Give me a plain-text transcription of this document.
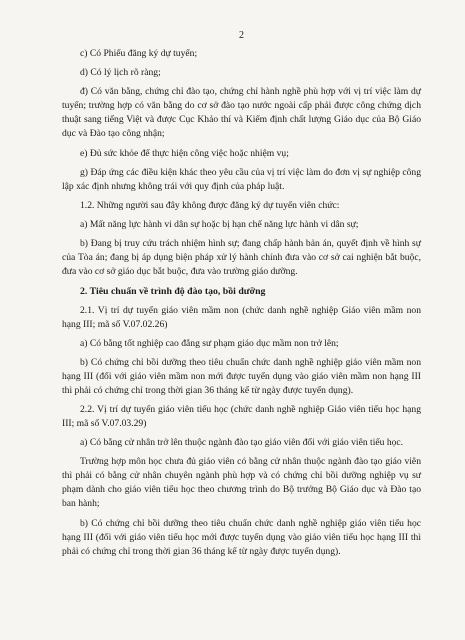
2

c) Có Phiếu đăng ký dự tuyển;

d) Có lý lịch rõ ràng;

đ) Có văn bằng, chứng chỉ đào tạo, chứng chỉ hành nghề phù hợp với vị trí việc làm dự tuyển; trường hợp có văn bằng do cơ sở đào tạo nước ngoài cấp phải được công chứng dịch thuật sang tiếng Việt và được Cục Khảo thí và Kiểm định chất lượng Giáo dục của Bộ Giáo dục và Đào tạo công nhận;

e) Đủ sức khỏe để thực hiện công việc hoặc nhiệm vụ;

g) Đáp ứng các điều kiện khác theo yêu cầu của vị trí việc làm do đơn vị sự nghiệp công lập xác định nhưng không trái với quy định của pháp luật.

1.2. Những người sau đây không được đăng ký dự tuyển viên chức:

a) Mất năng lực hành vi dân sự hoặc bị hạn chế năng lực hành vi dân sự;

b) Đang bị truy cứu trách nhiệm hình sự; đang chấp hành bản án, quyết định về hình sự của Tòa án; đang bị áp dụng biện pháp xử lý hành chính đưa vào cơ sở cai nghiện bắt buộc, đưa vào cơ sở giáo dục bắt buộc, đưa vào trường giáo dưỡng.

2. Tiêu chuẩn về trình độ đào tạo, bồi dưỡng

2.1. Vị trí dự tuyển giáo viên mầm non (chức danh nghề nghiệp Giáo viên mầm non hạng III; mã số V.07.02.26)

a) Có bằng tốt nghiệp cao đẳng sư phạm giáo dục mầm non trở lên;

b) Có chứng chỉ bồi dưỡng theo tiêu chuẩn chức danh nghề nghiệp giáo viên mầm non hạng III (đối với giáo viên mầm non mới được tuyển dụng vào giáo viên mầm non hạng III thì phải có chứng chỉ trong thời gian 36 tháng kể từ ngày được tuyển dụng).

2.2. Vị trí dự tuyển giáo viên tiểu học (chức danh nghề nghiệp Giáo viên tiểu học hạng III; mã số V.07.03.29)

a) Có bằng cử nhân trở lên thuộc ngành đào tạo giáo viên đối với giáo viên tiểu học.

Trường hợp môn học chưa đủ giáo viên có bằng cử nhân thuộc ngành đào tạo giáo viên thì phải có bằng cử nhân chuyên ngành phù hợp và có chứng chỉ bồi dưỡng nghiệp vụ sư phạm dành cho giáo viên tiểu học theo chương trình do Bộ trưởng Bộ Giáo dục và Đào tạo ban hành;

b) Có chứng chỉ bồi dưỡng theo tiêu chuẩn chức danh nghề nghiệp giáo viên tiểu học hạng III (đối với giáo viên tiểu học mới được tuyển dụng vào giáo viên tiểu học hạng III thì phải có chứng chỉ trong thời gian 36 tháng kể từ ngày được tuyển dụng).
